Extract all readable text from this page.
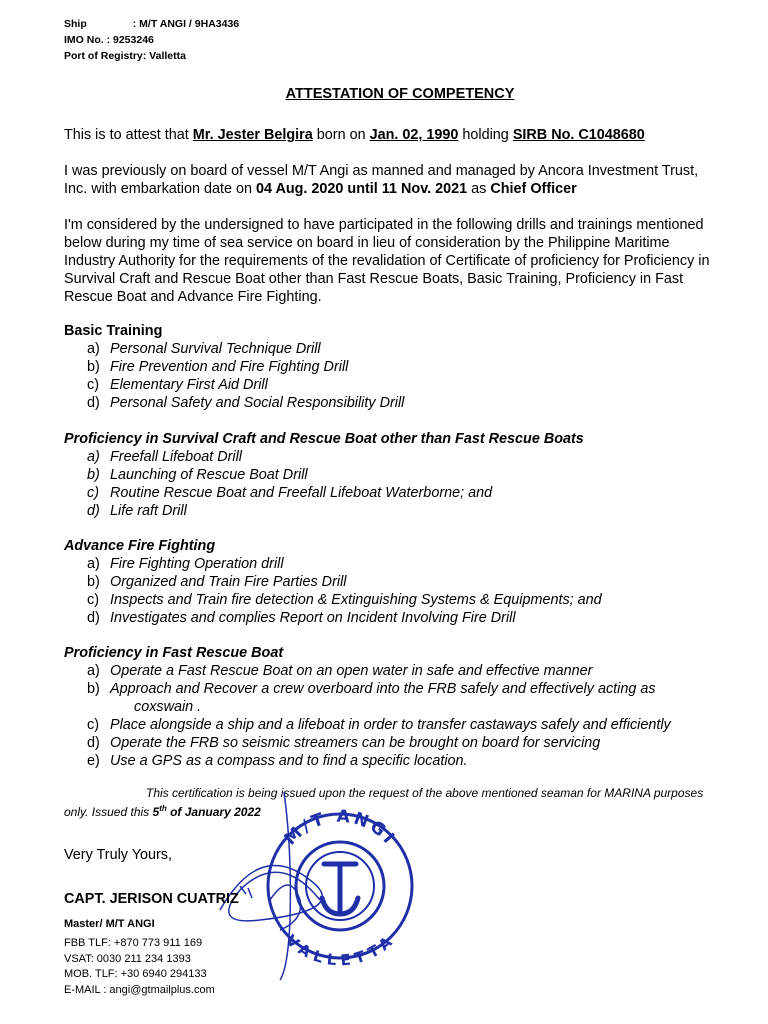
Ship	: M/T ANGI / 9HA3436
IMO No. : 9253246
Port of Registry: Valletta
ATTESTATION OF COMPETENCY
This is to attest that Mr. Jester Belgira born on Jan. 02, 1990 holding SIRB No. C1048680
I was previously on board of vessel M/T Angi as manned and managed by Ancora Investment Trust,
Inc. with embarkation date on 04 Aug. 2020 until 11 Nov. 2021 as Chief Officer
I'm considered by the undersigned to have participated in the following drills and trainings mentioned
below during my time of sea service on board in lieu of consideration by the Philippine Maritime
Industry Authority for the requirements of the revalidation of Certificate of proficiency for Proficiency in
Survival Craft and Rescue Boat other than Fast Rescue Boats, Basic Training, Proficiency in Fast
Rescue Boat and Advance Fire Fighting.
Basic Training
a) Personal Survival Technique Drill
b) Fire Prevention and Fire Fighting Drill
c) Elementary First Aid Drill
d) Personal Safety and Social Responsibility Drill
Proficiency in Survival Craft and Rescue Boat other than Fast Rescue Boats
a) Freefall Lifeboat Drill
b) Launching of Rescue Boat Drill
c) Routine Rescue Boat and Freefall Lifeboat Waterborne; and
d) Life raft Drill
Advance Fire Fighting
a) Fire Fighting Operation drill
b) Organized and Train Fire Parties Drill
c) Inspects and Train fire detection & Extinguishing Systems & Equipments; and
d) Investigates and complies Report on Incident Involving Fire Drill
Proficiency in Fast Rescue Boat
a) Operate a Fast Rescue Boat on an open water in safe and effective manner
b) Approach and Recover a crew overboard into the FRB safely and effectively acting as
coxswain .
c) Place alongside a ship and a lifeboat in order to transfer castaways safely and efficiently
d) Operate the FRB so seismic streamers can be brought on board for servicing
e) Use a GPS as a compass and to find a specific location.
This certification is being issued upon the request of the above mentioned seaman for MARINA purposes
only. Issued this 5th of January 2022
Very Truly Yours,
M/T ANGI
VALLETTA
CAPT. JERISON CUATRIZ
Master/ M/T ANGI
FBB TLF: +870 773 911 169
VSAT: 0030 211 234 1393
MOB. TLF: +30 6940 294133
E-MAIL : angi@gtmailplus.com
